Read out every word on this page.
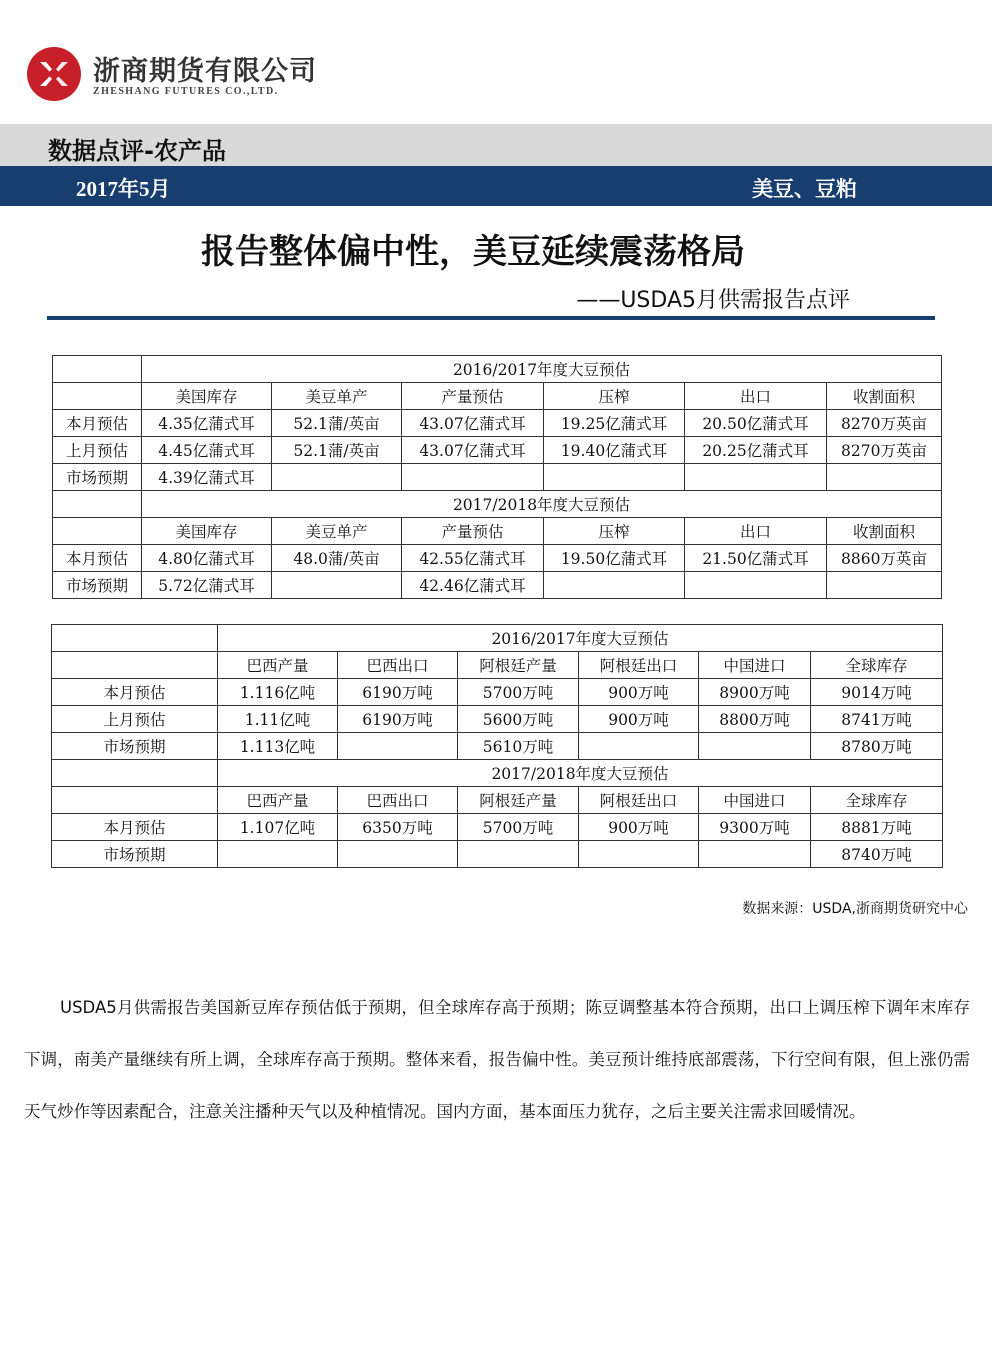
浙商期货有限公司
ZHESHANG FUTURES CO.,LTD.
数据点评-农产品
2017年5月	美豆、豆粕
报告整体偏中性，美豆延续震荡格局
——USDA5月供需报告点评
	2016/2017年度大豆预估					
	美国库存	美豆单产	产量预估	压榨	出口	收割面积
本月预估	4.35亿蒲式耳	52.1蒲/英亩	43.07亿蒲式耳	19.25亿蒲式耳	20.50亿蒲式耳	8270万英亩
上月预估	4.45亿蒲式耳	52.1蒲/英亩	43.07亿蒲式耳	19.40亿蒲式耳	20.25亿蒲式耳	8270万英亩
市场预期	4.39亿蒲式耳					
	2017/2018年度大豆预估					
	美国库存	美豆单产	产量预估	压榨	出口	收割面积
本月预估	4.80亿蒲式耳	48.0蒲/英亩	42.55亿蒲式耳	19.50亿蒲式耳	21.50亿蒲式耳	8860万英亩
市场预期	5.72亿蒲式耳		42.46亿蒲式耳			
	2016/2017年度大豆预估					
	巴西产量	巴西出口	阿根廷产量	阿根廷出口	中国进口	全球库存
本月预估	1.116亿吨	6190万吨	5700万吨	900万吨	8900万吨	9014万吨
上月预估	1.11亿吨	6190万吨	5600万吨	900万吨	8800万吨	8741万吨
市场预期	1.113亿吨		5610万吨			8780万吨
	2017/2018年度大豆预估					
	巴西产量	巴西出口	阿根廷产量	阿根廷出口	中国进口	全球库存
本月预估	1.107亿吨	6350万吨	5700万吨	900万吨	9300万吨	8881万吨
市场预期						8740万吨
数据来源：USDA,浙商期货研究中心
USDA5月供需报告美国新豆库存预估低于预期，但全球库存高于预期；陈豆调整基本符合预期，出口上调压榨下调年末库存下调，南美产量继续有所上调，全球库存高于预期。整体来看，报告偏中性。美豆预计维持底部震荡，下行空间有限，但上涨仍需天气炒作等因素配合，注意关注播种天气以及种植情况。国内方面，基本面压力犹存，之后主要关注需求回暖情况。
